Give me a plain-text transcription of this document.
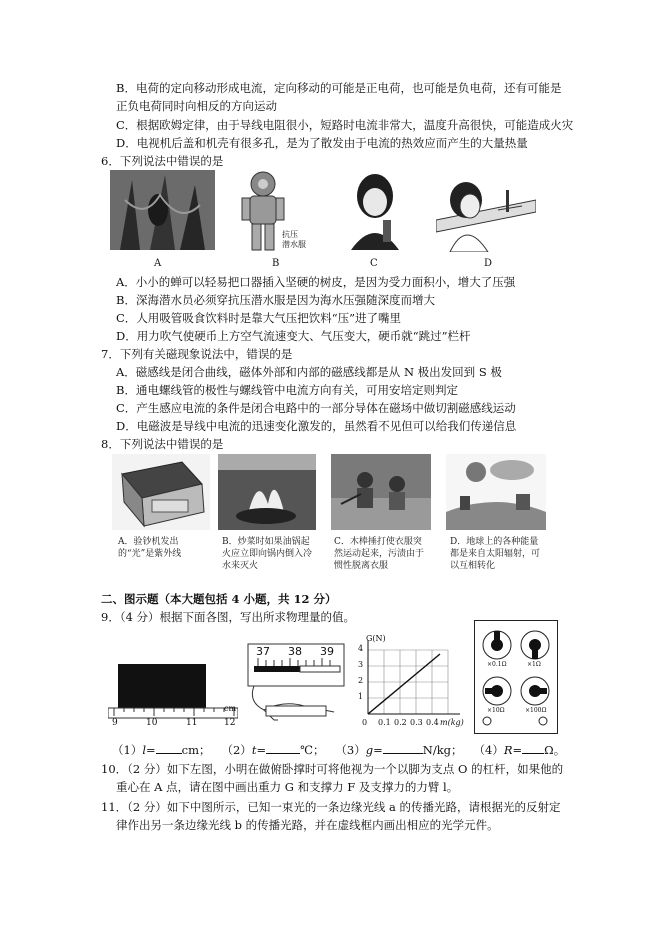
B．电荷的定向移动形成电流，定向移动的可能是正电荷，也可能是负电荷，还有可能是
正负电荷同时向相反的方向运动
C．根据欧姆定律，由于导线电阻很小，短路时电流非常大，温度升高很快，可能造成火灾
D．电视机后盖和机壳有很多孔，是为了散发由于电流的热效应而产生的大量热量
6．下列说法中错误的是
抗压
潜水服
A	B	C	D
A．小小的蝉可以轻易把口器插入坚硬的树皮，是因为受力面积小，增大了压强
B．深海潜水员必须穿抗压潜水服是因为海水压强随深度而增大
C．人用吸管吸食饮料时是靠大气压把饮料“压”进了嘴里
D．用力吹气使硬币上方空气流速变大、气压变大，硬币就“跳过”栏杆
7．下列有关磁现象说法中，错误的是
A．磁感线是闭合曲线，磁体外部和内部的磁感线都是从 N 极出发回到 S 极
B．通电螺线管的极性与螺线管中电流方向有关，可用安培定则判定
C．产生感应电流的条件是闭合电路中的一部分导体在磁场中做切割磁感线运动
D．电磁波是导线中电流的迅速变化激发的，虽然看不见但可以给我们传递信息
8．下列说法中错误的是
A．验钞机发出的“光”是紫外线
B．炒菜时如果油锅起火应立即向锅内倒入冷水来灭火
C．木棒捶打使衣服突然运动起来，污渍由于惯性脱离衣服
D．地球上的各种能量都是来自太阳辐射，可以互相转化
二、图示题（本大题包括 4 小题，共 12 分）
9．（4 分）根据下面各图，写出所求物理量的值。
9	10	11	12
cm
37 38 39
G(N)
1
2
3
4
0 0.1 0.2 0.3 0.4 m(kg)
×0.1Ω	×1Ω
×10Ω	×100Ω
（1）l= cm； （2）t=	℃； （3）g=	N/kg； （4）R= Ω。
10．（2 分）如下左图，小明在做俯卧撑时可将他视为一个以脚为支点 O 的杠杆，如果他的
重心在 A 点，请在图中画出重力 G 和支撑力 F 及支撑力的力臂 l。
11．（2 分）如下中图所示，已知一束光的一条边缘光线 a 的传播光路，请根据光的反射定
律作出另一条边缘光线 b 的传播光路，并在虚线框内画出相应的光学元件。
